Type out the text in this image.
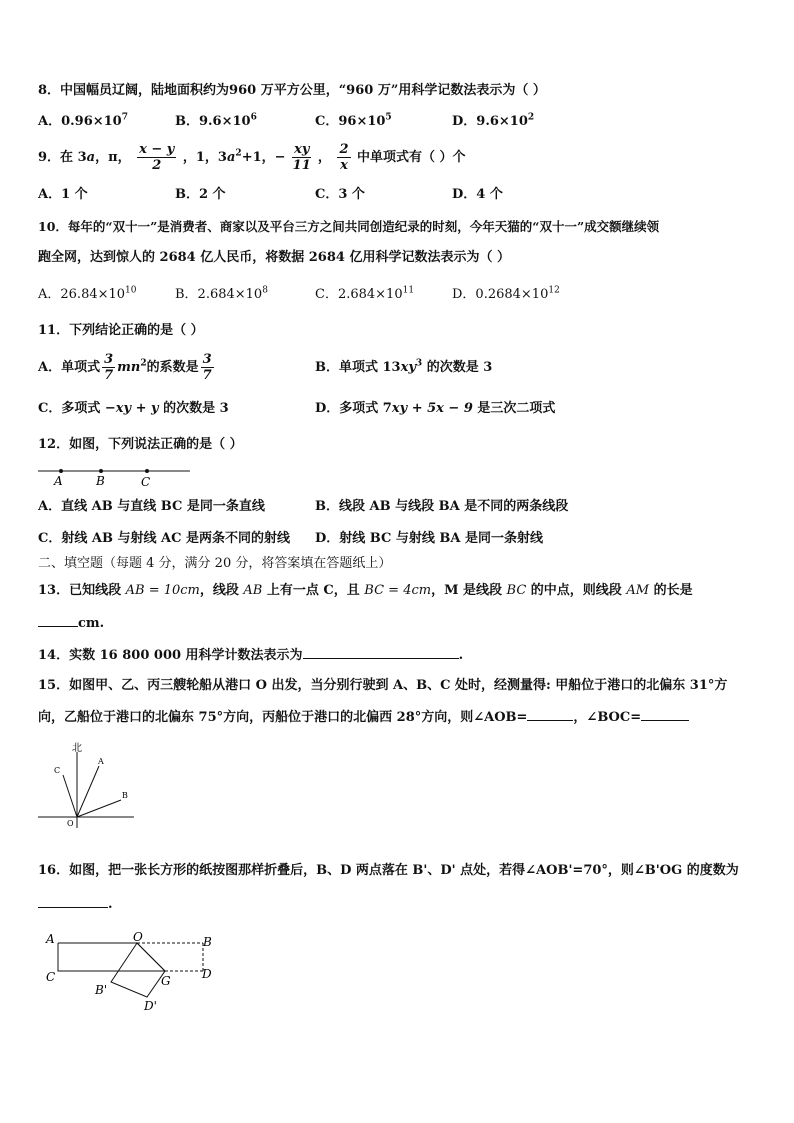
8．中国幅员辽阔，陆地面积约为960 万平方公里，“960 万”用科学记数法表示为（ ）
A．$0.96\times 10^7$	B．$9.6\times 10^6$	C．$96\times 10^5$	D．$9.6\times 10^2$
9．在 3a，π， $\frac{x - y}{2}$ ，1，$3a^2+1$，− $\frac{xy}{11}$ ， $\frac{2}{x}$ 中单项式有（ ）个
A．1 个	B．2 个	C．3 个	D．4 个
10．每年的“双十一”是消费者、商家以及平台三方之间共同创造纪录的时刻，今年天猫的“双十一”成交额继续领
跑全网，达到惊人的 2684 亿人民币，将数据 2684 亿用科学记数法表示为（ ）
A．$26.84\times 10^{10}$	B．$2.684\times 10^8$	C．$2.684\times 10^{11}$	D．$0.2684\times 10^{12}$
11．下列结论正确的是（ ）
A．单项式 $\frac{3}{7} mn^2$的系数是 $\frac{3}{7}$	B．单项式 $13xy^3$ 的次数是 3
C．多项式 −xy + y 的次数是 3	D．多项式 7xy + 5x − 9 是三次二项式
12．如图，下列说法正确的是（ ）
A	B	C
A．直线 AB 与直线 BC 是同一条直线	B．线段 AB 与线段 BA 是不同的两条线段
C．射线 AB 与射线 AC 是两条不同的射线 D．射线 BC 与射线 BA 是同一条射线
二、填空题（每题 4 分，满分 20 分，将答案填在答题纸上）
13．已知线段 AB = 10cm，线段 AB 上有一点 C，且 BC = 4cm，M 是线段 BC 的中点，则线段 AM 的长是
cm.
14．实数 16 800 000 用科学计数法表示为	.
15．如图甲、乙、丙三艘轮船从港口 O 出发，当分别行驶到 A、B、C 处时，经测量得: 甲船位于港口的北偏东 31°方
向，乙船位于港口的北偏东 75°方向，丙船位于港口的北偏西 28°方向，则∠AOB=	，∠BOC=
北
C
A
B
O
16．如图，把一张长方形的纸按图那样折叠后，B、D 两点落在 B'、D' 点处，若得∠AOB'=70°，则∠B'OG 的度数为
.
A	O	B
C	G	D
B'
D'
